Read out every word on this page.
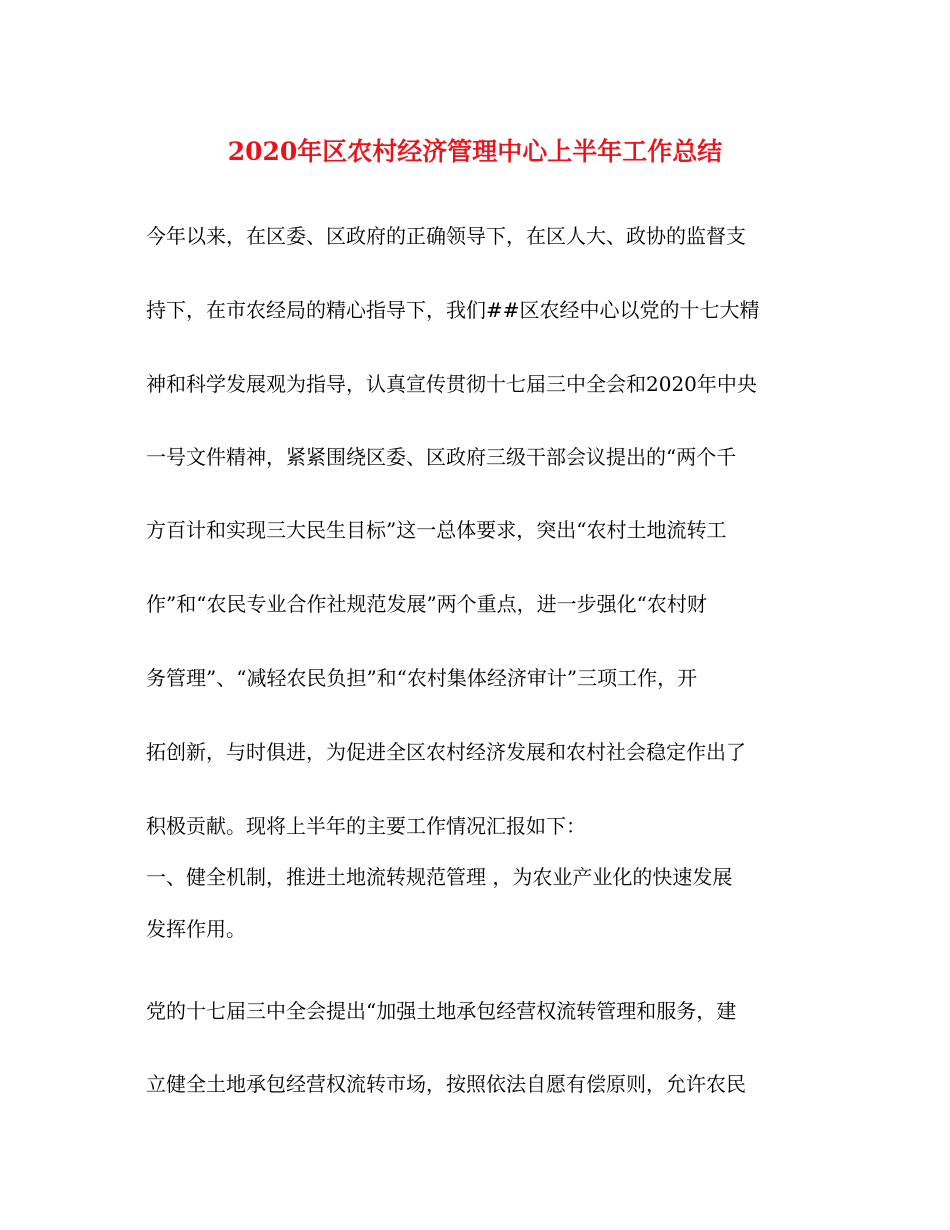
2020年区农村经济管理中心上半年工作总结
今年以来，在区委、区政府的正确领导下，在区人大、政协的监督支
持下，在市农经局的精心指导下，我们##区农经中心以党的十七大精
神和科学发展观为指导，认真宣传贯彻十七届三中全会和2020年中央
一号文件精神，紧紧围绕区委、区政府三级干部会议提出的“两个千
方百计和实现三大民生目标”这一总体要求，突出“农村土地流转工
作”和“农民专业合作社规范发展”两个重点，进一步强化“农村财
务管理”、“减轻农民负担”和“农村集体经济审计”三项工作，开
拓创新，与时俱进，为促进全区农村经济发展和农村社会稳定作出了
积极贡献。现将上半年的主要工作情况汇报如下：
一、健全机制，推进土地流转规范管理 ，为农业产业化的快速发展
发挥作用。
党的十七届三中全会提出“加强土地承包经营权流转管理和服务，建
立健全土地承包经营权流转市场，按照依法自愿有偿原则，允许农民
